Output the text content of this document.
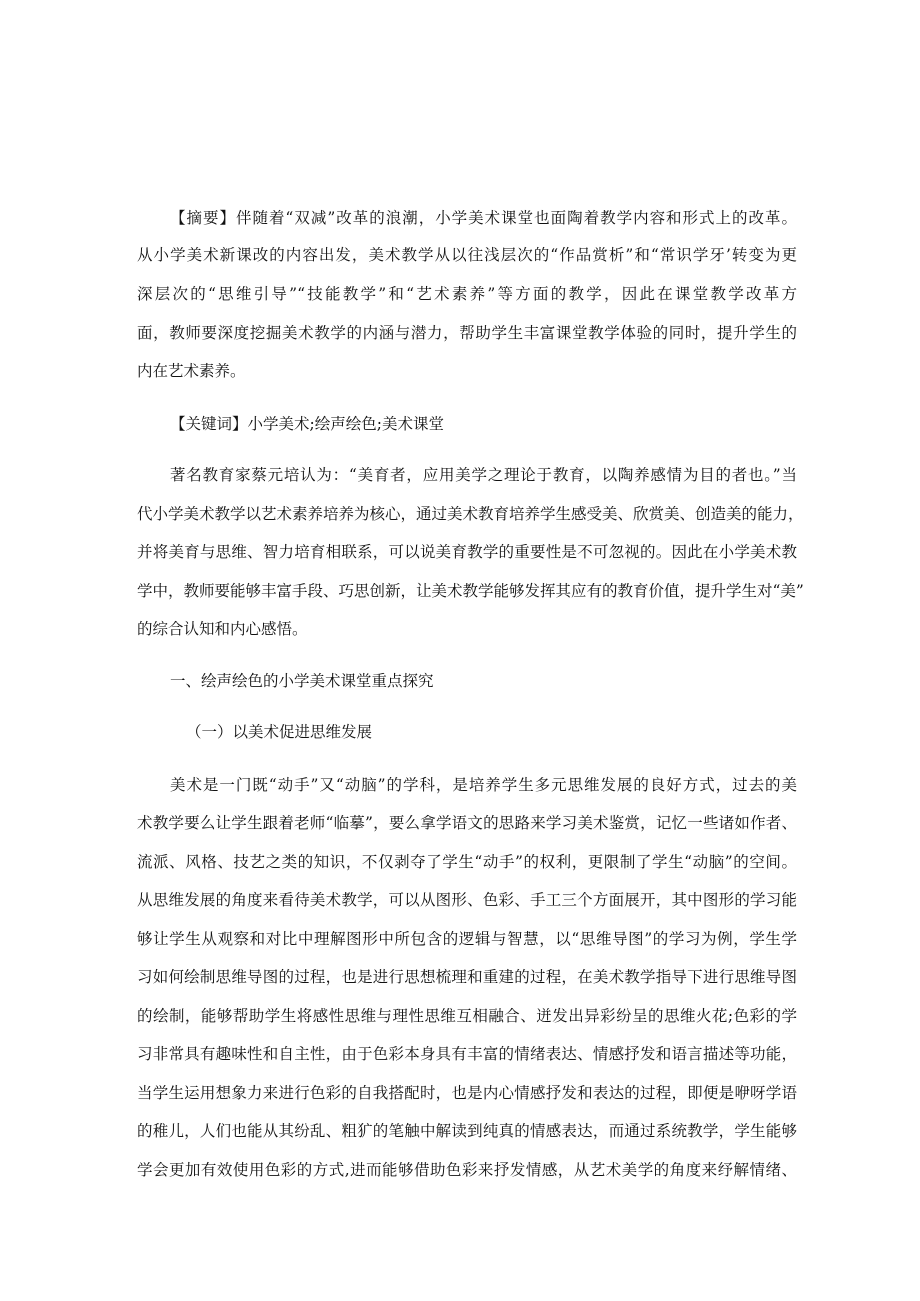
【摘要】伴随着“双减”改革的浪潮，小学美术课堂也面陶着教学内容和形式上的改革。
从小学美术新课改的内容出发，美术教学从以往浅层次的“作品赏析”和“常识学牙’转变为更
深层次的“思维引导”“技能教学”和“艺术素养”等方面的教学，因此在课堂教学改革方
面，教师要深度挖掘美术教学的内涵与潜力，帮助学生丰富课堂教学体验的同时，提升学生的
内在艺术素养。
【关键词】小学美术;绘声绘色;美术课堂
著名教育家蔡元培认为：“美育者，应用美学之理论于教育，以陶养感情为目的者也。”当
代小学美术教学以艺术素养培养为核心，通过美术教育培养学生感受美、欣赏美、创造美的能力，
并将美育与思维、智力培育相联系，可以说美育教学的重要性是不可忽视的。因此在小学美术教
学中，教师要能够丰富手段、巧思创新，让美术教学能够发挥其应有的教育价值，提升学生对“美”
的综合认知和内心感悟。
一、绘声绘色的小学美术课堂重点探究
（一）以美术促进思维发展
美术是一门既“动手”又“动脑”的学科，是培养学生多元思维发展的良好方式，过去的美
术教学要么让学生跟着老师“临摹”，要么拿学语文的思路来学习美术鉴赏，记忆一些诸如作者、
流派、风格、技艺之类的知识，不仅剥夺了学生“动手”的权利，更限制了学生“动脑”的空间。
从思维发展的角度来看待美术教学，可以从图形、色彩、手工三个方面展开，其中图形的学习能
够让学生从观察和对比中理解图形中所包含的逻辑与智慧，以“思维导图”的学习为例，学生学
习如何绘制思维导图的过程，也是进行思想梳理和重建的过程，在美术教学指导下进行思维导图
的绘制，能够帮助学生将感性思维与理性思维互相融合、迸发出异彩纷呈的思维火花;色彩的学
习非常具有趣味性和自主性，由于色彩本身具有丰富的情绪表达、情感抒发和语言描述等功能，
当学生运用想象力来进行色彩的自我搭配时，也是内心情感抒发和表达的过程，即便是咿呀学语
的稚儿，人们也能从其纷乱、粗犷的笔触中解读到纯真的情感表达，而通过系统教学，学生能够
学会更加有效使用色彩的方式,进而能够借助色彩来抒发情感，从艺术美学的角度来纾解情绪、
